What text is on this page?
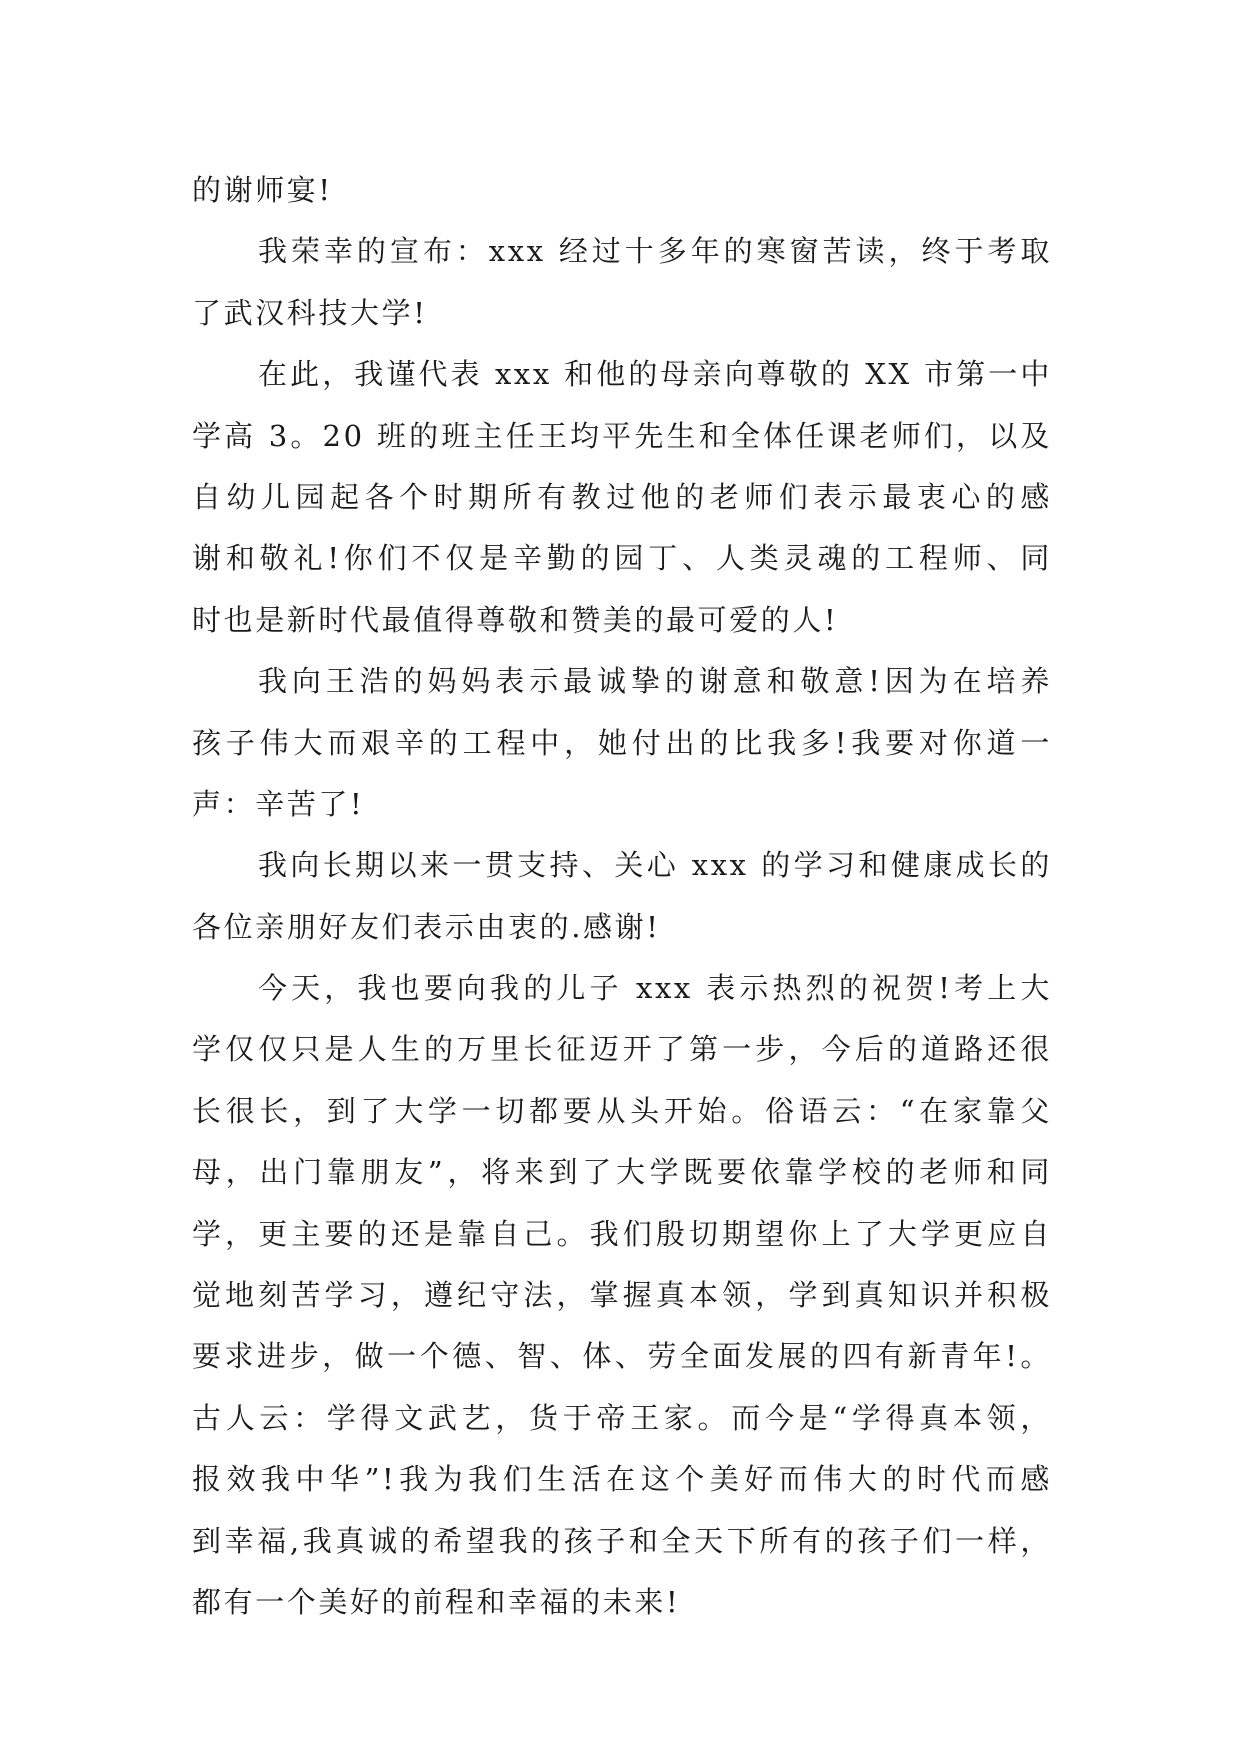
的谢师宴!
我荣幸的宣布：xxx 经过十多年的寒窗苦读，终于考取
了武汉科技大学!
在此，我谨代表 xxx 和他的母亲向尊敬的 XX 市第一中
学高 3。20 班的班主任王均平先生和全体任课老师们，以及
自幼儿园起各个时期所有教过他的老师们表示最衷心的感
谢和敬礼!你们不仅是辛勤的园丁、人类灵魂的工程师、同
时也是新时代最值得尊敬和赞美的最可爱的人!
我向王浩的妈妈表示最诚挚的谢意和敬意!因为在培养
孩子伟大而艰辛的工程中，她付出的比我多!我要对你道一
声：辛苦了!
我向长期以来一贯支持、关心 xxx 的学习和健康成长的
各位亲朋好友们表示由衷的.感谢!
今天，我也要向我的儿子 xxx 表示热烈的祝贺!考上大
学仅仅只是人生的万里长征迈开了第一步，今后的道路还很
长很长，到了大学一切都要从头开始。俗语云：“在家靠父
母，出门靠朋友”，将来到了大学既要依靠学校的老师和同
学，更主要的还是靠自己。我们殷切期望你上了大学更应自
觉地刻苦学习，遵纪守法，掌握真本领，学到真知识并积极
要求进步，做一个德、智、体、劳全面发展的四有新青年!。
古人云：学得文武艺，货于帝王家。而今是“学得真本领，
报效我中华”!我为我们生活在这个美好而伟大的时代而感
到幸福,我真诚的希望我的孩子和全天下所有的孩子们一样，
都有一个美好的前程和幸福的未来!
